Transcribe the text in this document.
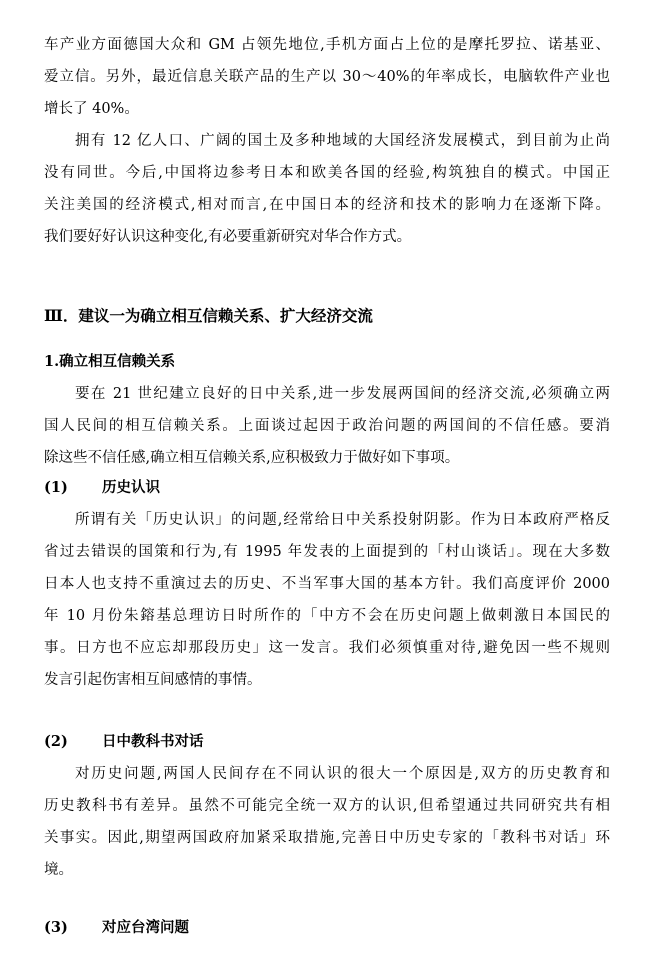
车产业方面德国大众和 GM 占领先地位,手机方面占上位的是摩托罗拉、诺基亚、
爱立信。另外，最近信息关联产品的生产以 30～40%的年率成长，电脑软件产业也
增长了 40%。
拥有 12 亿人口、广阔的国土及多种地域的大国经济发展模式，到目前为止尚
没有同世。今后,中国将边参考日本和欧美各国的经验,构筑独自的模式。中国正
关注美国的经济模式,相对而言,在中国日本的经济和技术的影响力在逐渐下降。
我们要好好认识这种变化,有必要重新研究对华合作方式。
Ⅲ．建议一为确立相互信赖关系、扩大经济交流
1.确立相互信赖关系
要在 21 世纪建立良好的日中关系,进一步发展两国间的经济交流,必须确立两
国人民间的相互信赖关系。上面谈过起因于政治问题的两国间的不信任感。要消
除这些不信任感,确立相互信赖关系,应积极致力于做好如下事项。
(1) 历史认识
所谓有关「历史认识」的问题,经常给日中关系投射阴影。作为日本政府严格反
省过去错误的国策和行为,有 1995 年发表的上面提到的「村山谈话」。现在大多数
日本人也支持不重演过去的历史、不当军事大国的基本方针。我们高度评价 2000
年 10 月份朱鎔基总理访日时所作的「中方不会在历史问题上做刺激日本国民的
事。日方也不应忘却那段历史」这一发言。我们必须慎重对待,避免因一些不规则
发言引起伤害相互间感情的事情。
(2) 日中教科书对话
对历史问题,两国人民间存在不同认识的很大一个原因是,双方的历史教育和
历史教科书有差异。虽然不可能完全统一双方的认识,但希望通过共同研究共有相
关事实。因此,期望两国政府加紧采取措施,完善日中历史专家的「教科书对话」环
境。
(3) 对应台湾问题
